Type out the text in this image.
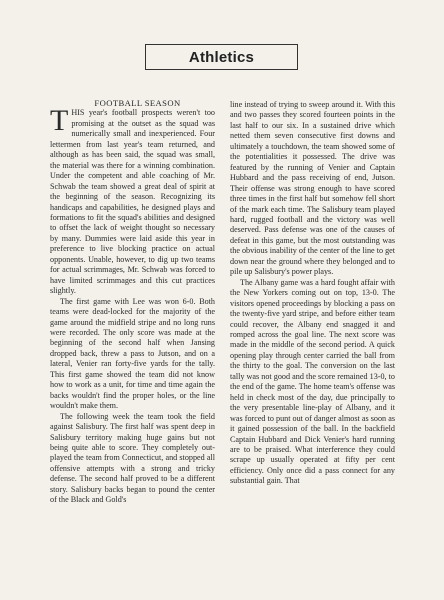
Athletics

FOOTBALL SEASON

THIS year's football prospects weren't too promising at the outset as the squad was numerically small and inexperienced. Four lettermen from last year's team returned, and although as has been said, the squad was small, the material was there for a winning combination. Under the competent and able coaching of Mr. Schwab the team showed a great deal of spirit at the beginning of the season. Recognizing its handicaps and capabilities, he designed plays and formations to fit the squad's abilities and designed to offset the lack of weight thought so necessary by many. Dummies were laid aside this year in preference to live blocking practice on actual opponents. Unable, however, to dig up two teams for actual scrimmages, Mr. Schwab was forced to have limited scrimmages and this cut practices slightly.

The first game with Lee was won 6-0. Both teams were dead-locked for the majority of the game around the midfield stripe and no long runs were recorded. The only score was made at the beginning of the second half when Jansing dropped back, threw a pass to Jutson, and on a lateral, Venier ran forty-five yards for the tally. This first game showed the team did not know how to work as a unit, for time and time again the backs wouldn't find the proper holes, or the line wouldn't make them.

The following week the team took the field against Salisbury. The first half was spent deep in Salisbury territory making huge gains but not being quite able to score. They completely out-played the team from Connecticut, and stopped all offensive attempts with a strong and tricky defense. The second half proved to be a different story. Salisbury backs began to pound the center of the Black and Gold's

line instead of trying to sweep around it. With this and two passes they scored fourteen points in the last half to our six. In a sustained drive which netted them seven consecutive first downs and ultimately a touchdown, the team showed some of the potentialities it possessed. The drive was featured by the running of Venier and Captain Hubbard and the pass receiving of end, Jutson. Their offense was strong enough to have scored three times in the first half but somehow fell short of the mark each time. The Salisbury team played hard, rugged football and the victory was well deserved. Pass defense was one of the causes of defeat in this game, but the most outstanding was the obvious inability of the center of the line to get down near the ground where they belonged and to pile up Salisbury's power plays.

The Albany game was a hard fought affair with the New Yorkers coming out on top, 13-0. The visitors opened proceedings by blocking a pass on the twenty-five yard stripe, and before either team could recover, the Albany end snagged it and romped across the goal line. The next score was made in the middle of the second period. A quick opening play through center carried the ball from the thirty to the goal. The conversion on the last tally was not good and the score remained 13-0, to the end of the game. The home team's offense was held in check most of the day, due principally to the very presentable line-play of Albany, and it was forced to punt out of danger almost as soon as it gained possession of the ball. In the backfield Captain Hubbard and Dick Venier's hard running are to be praised. What interference they could scrape up usually operated at fifty per cent efficiency. Only once did a pass connect for any substantial gain. That
